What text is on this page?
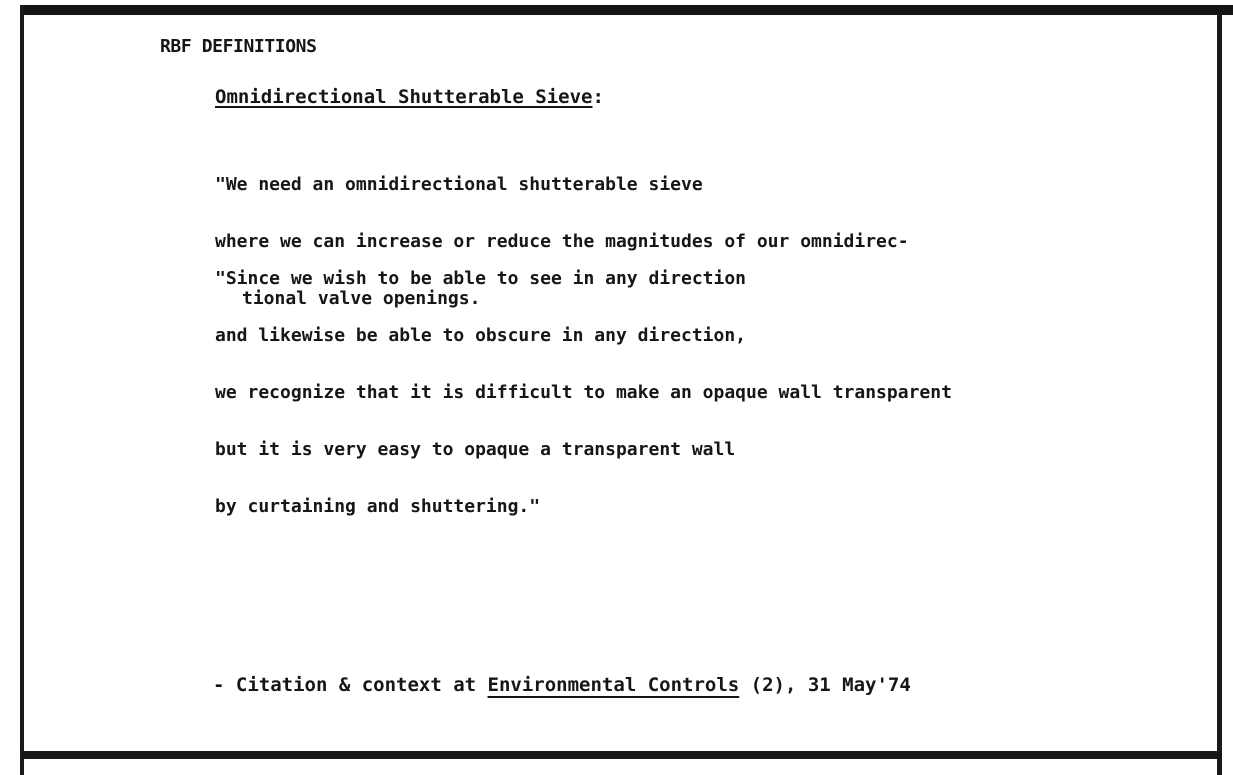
RBF DEFINITIONS
Omnidirectional Shutterable Sieve:

"We need an omnidirectional shutterable sieve

where we can increase or reduce the magnitudes of our omnidirec-

tional valve openings.

"Since we wish to be able to see in any direction

and likewise be able to obscure in any direction,

we recognize that it is difficult to make an opaque wall transparent

but it is very easy to opaque a transparent wall

by curtaining and shuttering."

- Citation & context at Environmental Controls (2), 31 May'74
